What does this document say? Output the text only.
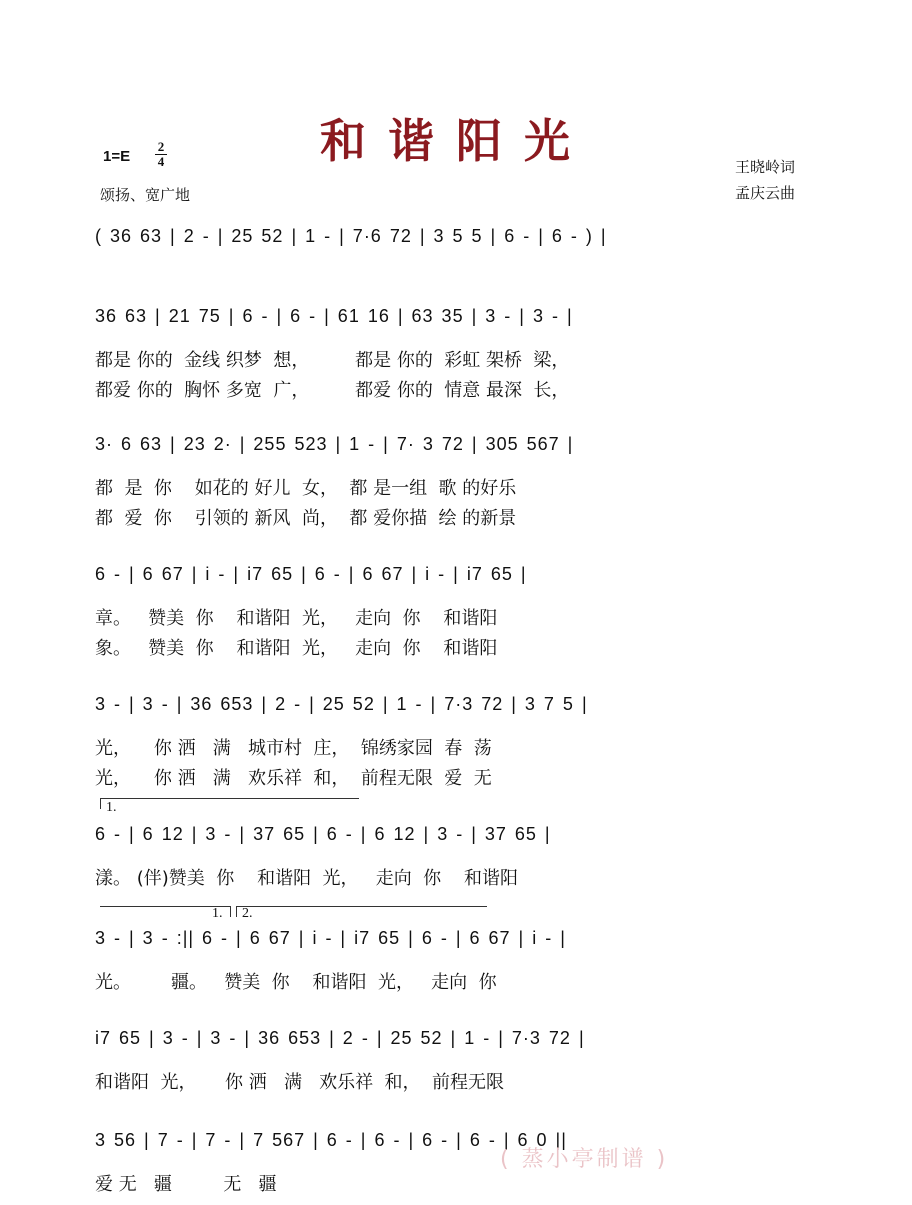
和谐阳光
1=E
2
4
颂扬、宽广地
王晓岭词
孟庆云曲
( 36 63 | 2 - | 25 52 | 1 - | 7·6 72 | 3 5 5 | 6 - | 6 - ) |
36 63 | 21 75 | 6 - | 6 - | 61 16 | 63 35 | 3 - | 3 - |
都是 你的  金线 织梦  想，        都是 你的  彩虹 架桥  梁，
都爱 你的  胸怀 多宽  广，        都爱 你的  情意 最深  长，
3· 6 63 | 23 2· | 255 523 | 1 - | 7· 3 72 | 305 567 |
都  是  你    如花的 好儿  女，  都 是一组  歌 的好乐
都  爱  你    引领的 新风  尚，  都 爱你描  绘 的新景
6 - | 6 67 | i - | i7 65 | 6 - | 6 67 | i - | i7 65 |
章。   赞美  你    和谐阳  光，   走向  你    和谐阳
象。   赞美  你    和谐阳  光，   走向  你    和谐阳
3 - | 3 - | 36 653 | 2 - | 25 52 | 1 - | 7·3 72 | 3 7 5 |
光，    你 洒   满   城市村  庄，  锦绣家园  春  荡
光，    你 洒   满   欢乐祥  和，  前程无限  爱  无
1.
6 - | 6 12 | 3 - | 37 65 | 6 - | 6 12 | 3 - | 37 65 |
漾。 (伴)赞美  你    和谐阳  光，   走向  你    和谐阳
1. 2.
3 - | 3 - :|| 6 - | 6 67 | i - | i7 65 | 6 - | 6 67 | i - |
光。       疆。   赞美  你    和谐阳  光，   走向  你
i7 65 | 3 - | 3 - | 36 653 | 2 - | 25 52 | 1 - | 7·3 72 |
和谐阳  光，     你 洒   满   欢乐祥  和，  前程无限
3 56 | 7 - | 7 - | 7 567 | 6 - | 6 - | 6 - | 6 - | 6 0 ||
爱 无   疆         无   疆
( 蒸小亭制谱 )
